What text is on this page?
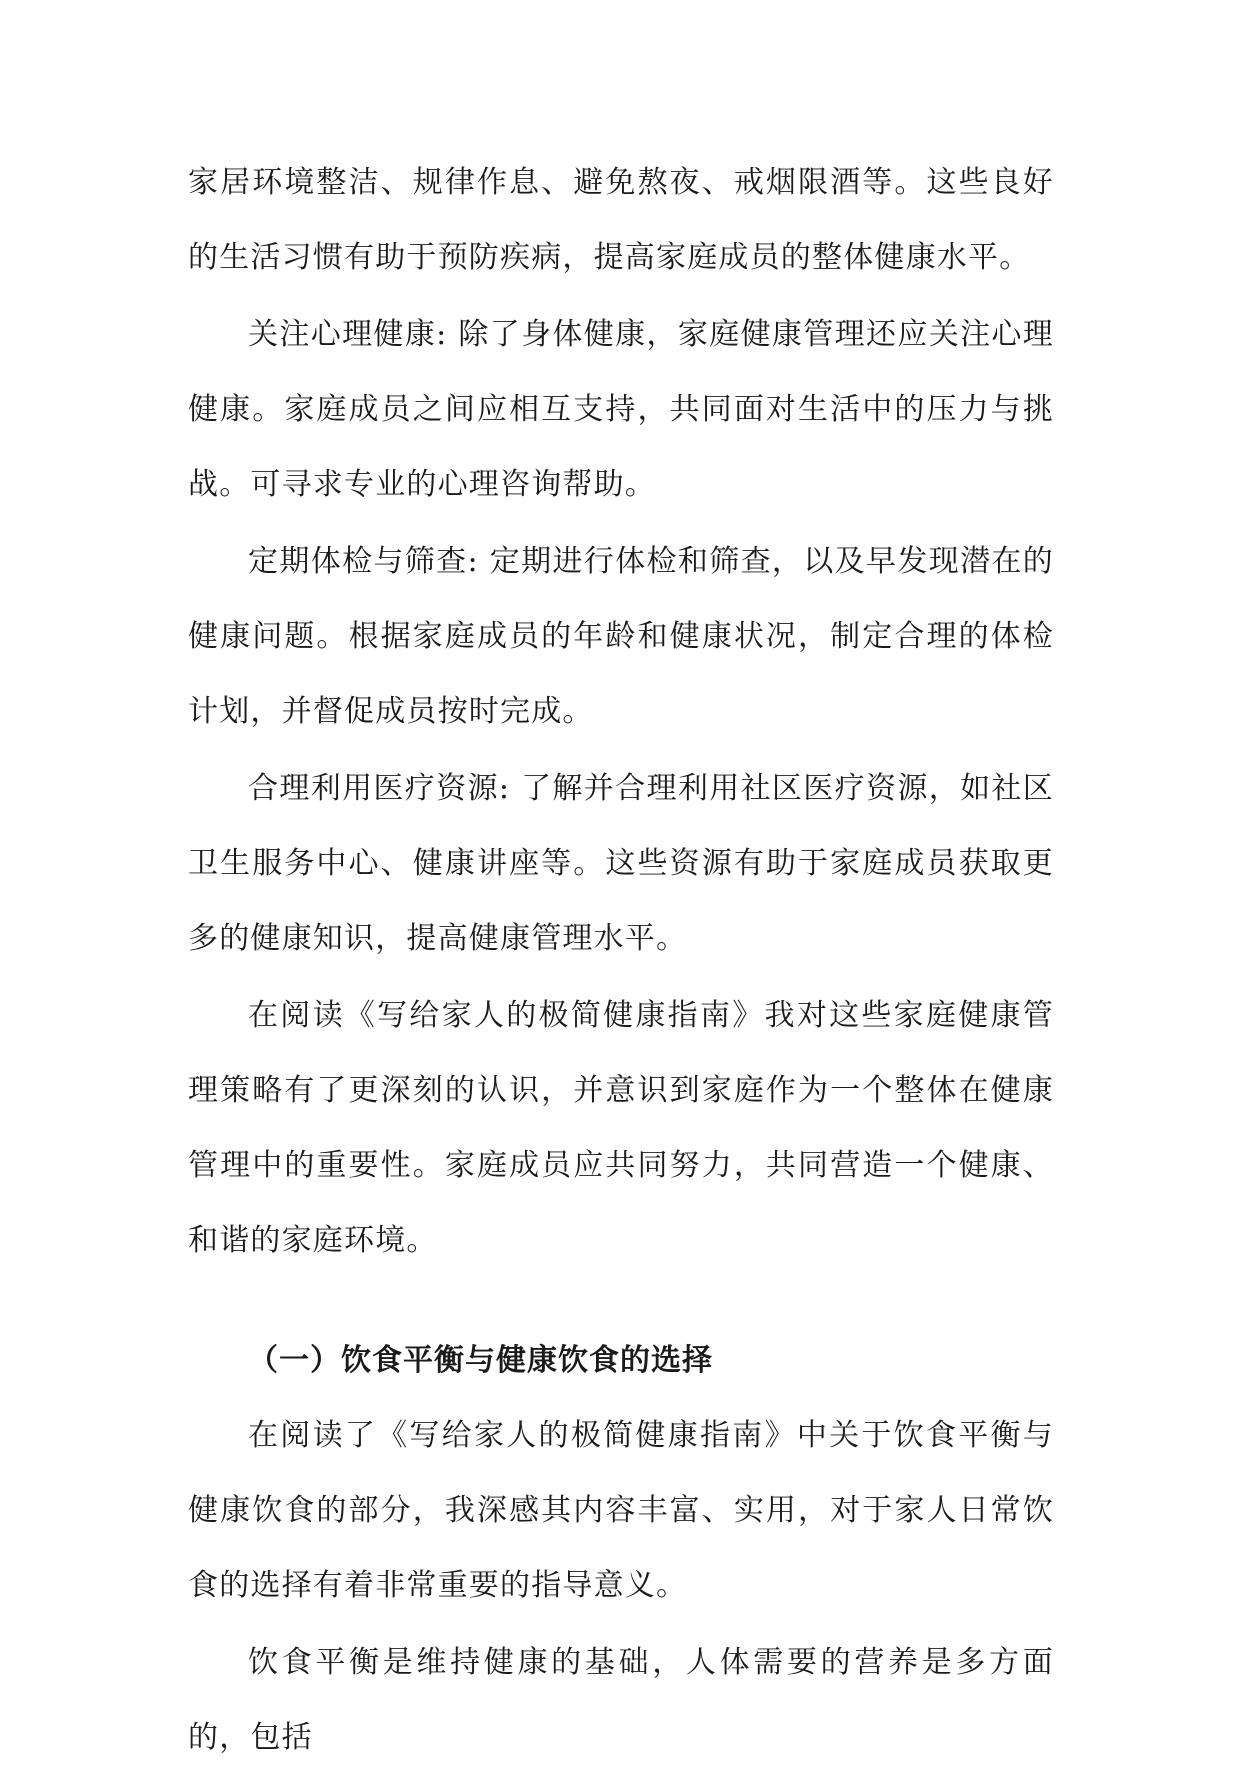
家居环境整洁、规律作息、避免熬夜、戒烟限酒等。这些良好的生活习惯有助于预防疾病，提高家庭成员的整体健康水平。

关注心理健康: 除了身体健康，家庭健康管理还应关注心理健康。家庭成员之间应相互支持，共同面对生活中的压力与挑战。可寻求专业的心理咨询帮助。

定期体检与筛查: 定期进行体检和筛查，以及早发现潜在的健康问题。根据家庭成员的年龄和健康状况，制定合理的体检计划，并督促成员按时完成。

合理利用医疗资源: 了解并合理利用社区医疗资源，如社区卫生服务中心、健康讲座等。这些资源有助于家庭成员获取更多的健康知识，提高健康管理水平。

在阅读《写给家人的极简健康指南》我对这些家庭健康管理策略有了更深刻的认识，并意识到家庭作为一个整体在健康管理中的重要性。家庭成员应共同努力，共同营造一个健康、和谐的家庭环境。

（一）饮食平衡与健康饮食的选择

在阅读了《写给家人的极简健康指南》中关于饮食平衡与健康饮食的部分，我深感其内容丰富、实用，对于家人日常饮食的选择有着非常重要的指导意义。

饮食平衡是维持健康的基础，人体需要的营养是多方面的，包括
